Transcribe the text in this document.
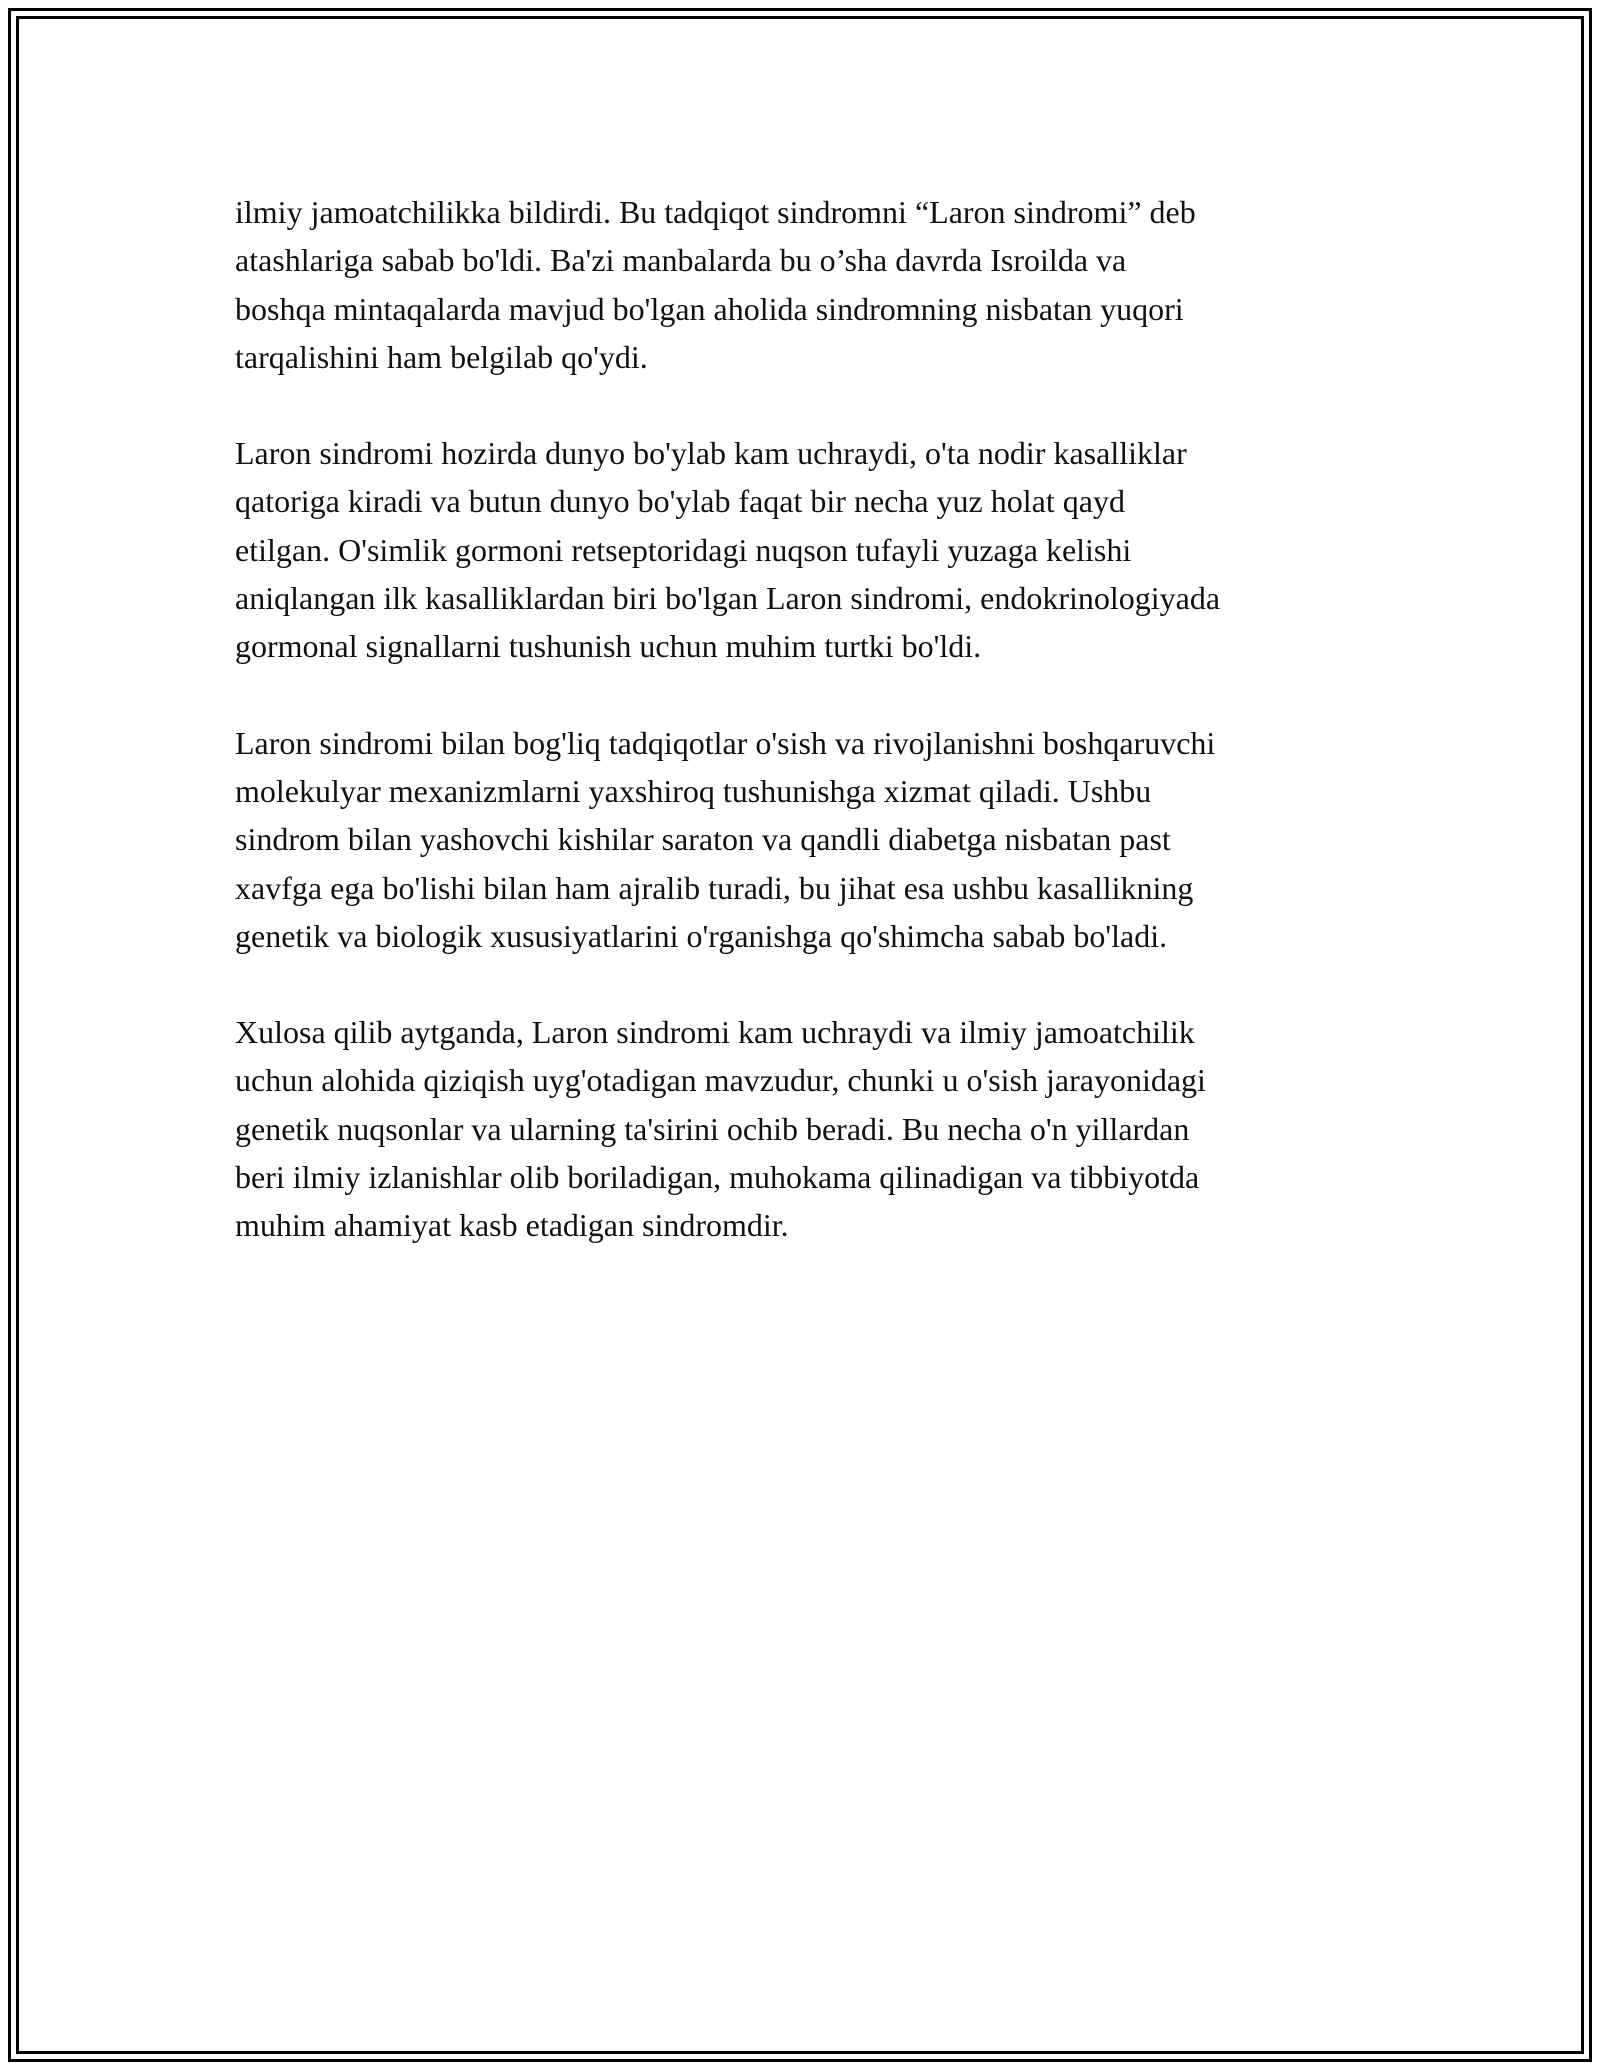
ilmiy jamoatchilikka bildirdi. Bu tadqiqot sindromni “Laron sindromi” deb
atashlariga sabab bo'ldi. Ba'zi manbalarda bu o’sha davrda Isroilda va
boshqa mintaqalarda mavjud bo'lgan aholida sindromning nisbatan yuqori
tarqalishini ham belgilab qo'ydi.

Laron sindromi hozirda dunyo bo'ylab kam uchraydi, o'ta nodir kasalliklar
qatoriga kiradi va butun dunyo bo'ylab faqat bir necha yuz holat qayd
etilgan. O'simlik gormoni retseptoridagi nuqson tufayli yuzaga kelishi
aniqlangan ilk kasalliklardan biri bo'lgan Laron sindromi, endokrinologiyada
gormonal signallarni tushunish uchun muhim turtki bo'ldi.

Laron sindromi bilan bog'liq tadqiqotlar o'sish va rivojlanishni boshqaruvchi
molekulyar mexanizmlarni yaxshiroq tushunishga xizmat qiladi. Ushbu
sindrom bilan yashovchi kishilar saraton va qandli diabetga nisbatan past
xavfga ega bo'lishi bilan ham ajralib turadi, bu jihat esa ushbu kasallikning
genetik va biologik xususiyatlarini o'rganishga qo'shimcha sabab bo'ladi.

Xulosa qilib aytganda, Laron sindromi kam uchraydi va ilmiy jamoatchilik
uchun alohida qiziqish uyg'otadigan mavzudur, chunki u o'sish jarayonidagi
genetik nuqsonlar va ularning ta'sirini ochib beradi. Bu necha o'n yillardan
beri ilmiy izlanishlar olib boriladigan, muhokama qilinadigan va tibbiyotda
muhim ahamiyat kasb etadigan sindromdir.
